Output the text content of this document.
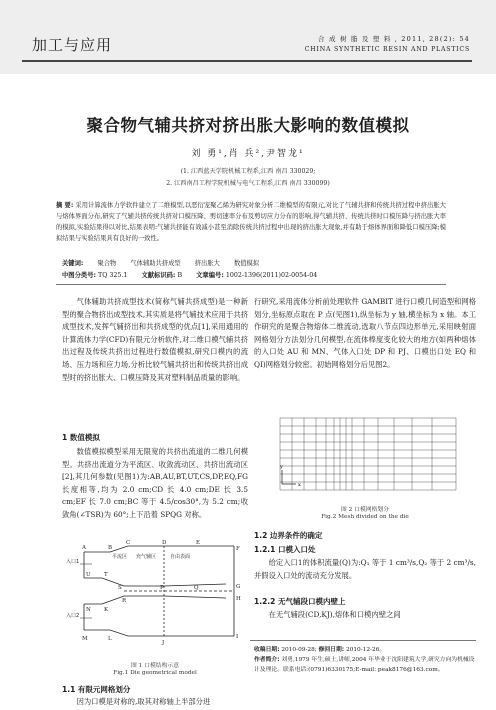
加工与应用	合 成 树 脂 及 塑 料 , 2011, 28(2): 54
CHINA SYNTHETIC RESIN AND PLASTICS
聚合物气辅共挤对挤出胀大影响的数值模拟
刘 勇¹,肖 兵²,尹智龙¹
(1. 江西蓝天学院机械工程系,江西 南昌 330029;
2. 江西南昌工程学院机械与电气工程系,江西 南昌 330099)
摘 要: 采用计算流体力学软件建立了二维模型,以恶衍宠聚乙烯为研究对象分析二维模型的有限元,对比了气辅共挤和传统共挤过程中挤出胀大与熔体界面分布,研究了气辅共挤传统共挤对口模压降、剪切速率分布及剪切应力分布的影响,得气辅共挤、传统共挤时口模压降与挤出胀大率的模拟,实验结果得以对比,结果表明:气辅共挤能有效减小甚至消除传统共挤过程中出现的挤出胀大现象,并有助于熔体界面和降低口模压降;模拟结果与实验结果具有良好的一致性。
关键词: 聚合物 气体辅助共挤成型 挤出胀大 数值模拟
中图分类号: TQ 325.1 文献标识码: B 文章编号: 1002-1396(2011)02-0054-04

气体辅助共挤成型技术(简称气辅共挤成型)是一种新型的聚合物挤出成型技术,其实质是将气辅技术应用于共挤成型技术,发挥气辅挤出和共挤成型的优点[1],采用通用的计算流体力学(CFD)有限元分析软件,对二维口模气辅共挤出过程及传统共挤出过程进行数值模拟,研究口模内的流场、压力场和应力场,分析比较气辅共挤出和传统共挤出成型时的挤出胀大、口模压降及其对塑料制品质量的影响。

1 数值模拟

数值模拟模型采用无限宽的共挤出流道的二维几何模型。共挤出流道分为平流区、收敛流动区、共挤出流动区[2],其几何参数(见图1)为:AB,AU,BT,UT,CS,DP,EQ,FG 长度相等,均为 2.0 cm;CD 长 4.0 cm;DE 长 3.5 cm;EF 长 7.0 cm;BC 等于 4.5/cos30°,为 5.2 cm;收敛角(∠TSR)为 60°;上下沿着 SPQG 对称。

入口1
入口2
平流区 充气辅区	自由表面
A	B
C	D	E
F
G
U T
S	P	Q
N K
R	H
I
M	L
J
图 1 口模结构示意
Fig.1 Die geometrical model
1.1 有限元网格划分

因为口模是对称的,取其对称轴上半部分进

行研究,采用流体分析前处理软件 GAMBIT 进行口模几何造型和网格划分,坐标原点取在 P 点(见图1),纵坐标为 y 轴,横坐标为 x 轴。本工作研究的是聚合物熔体二维流动,选取八节点四边形单元,采用映射面网格划分方法划分几何模型,在流体棒度变化较大的地方(如两种熔体的入口处 AU 和 MN、气体入口处 DP 和 PJ、口模出口处 EQ 和 QI)网格划分较密。初始网格划分后见图2。

y
x
图 2 口模网格划分
Fig.2 Mesh divided on the die
1.2 边界条件的确定
1.2.1 口模入口处

给定入口1的体积流量(Q)为:Q₁ 等于 1 cm³/s,Q₂ 等于 2 cm³/s,并假设入口处的流动充分发展。

1.2.2 无气辅段口模内壁上

在无气辅段(CD,KJ),熔体和口模内壁之间

收稿日期: 2010-09-28; 修回日期: 2010-12-26。
作者简介: 刘勇,1979 年生,硕士,讲师,2004 年毕业于沈阳建筑大学,研究方向为机械设计及理论。联系电话:(0791)6330175;E-mail: peak8176@163.com。
